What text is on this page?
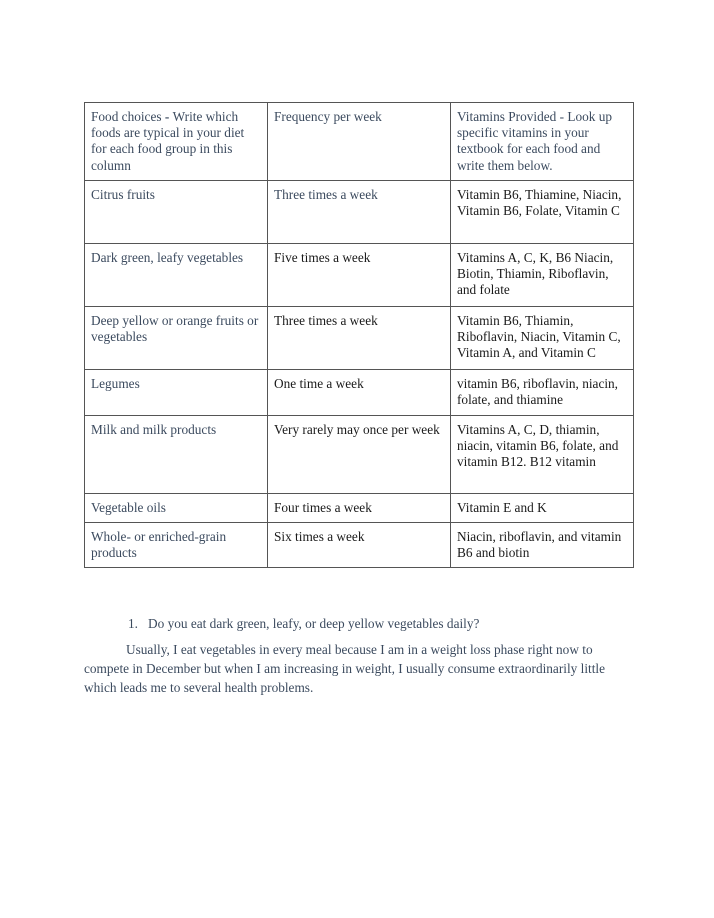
Food choices - Write which foods are typical in your diet for each food group in this column	Frequency per week	Vitamins Provided - Look up specific vitamins in your textbook for each food and write them below.
Citrus fruits	Three times a week	Vitamin B6, Thiamine, Niacin, Vitamin B6, Folate, Vitamin C
Dark green, leafy vegetables	Five times a week	Vitamins A, C, K, B6 Niacin, Biotin, Thiamin, Riboflavin, and folate
Deep yellow or orange fruits or vegetables	Three times a week	Vitamin B6, Thiamin, Riboflavin, Niacin, Vitamin C, Vitamin A, and Vitamin C
Legumes	One time a week	vitamin B6, riboflavin, niacin, folate, and thiamine
Milk and milk products	Very rarely may once per week	Vitamins A, C, D, thiamin, niacin, vitamin B6, folate, and vitamin B12. B12 vitamin
Vegetable oils	Four times a week	Vitamin E and K
Whole- or enriched-grain products	Six times a week	Niacin, riboflavin, and vitamin B6 and biotin
1. Do you eat dark green, leafy, or deep yellow vegetables daily?

Usually, I eat vegetables in every meal because I am in a weight loss phase right now to compete in December but when I am increasing in weight, I usually consume extraordinarily little which leads me to several health problems.
